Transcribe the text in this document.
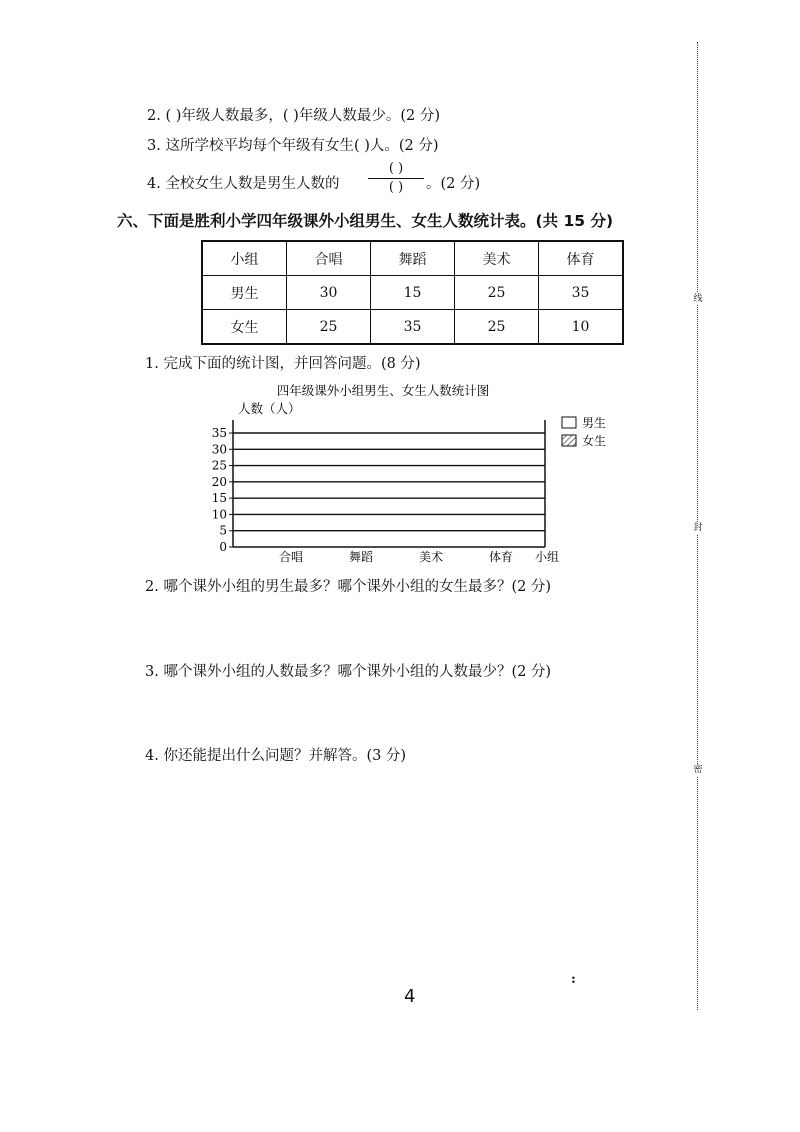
2. ( )年级人数最多，( )年级人数最少。(2 分)
3. 这所学校平均每个年级有女生( )人。(2 分)
4. 全校女生人数是男生人数的
( )
( )	。(2 分)
六、下面是胜利小学四年级课外小组男生、女生人数统计表。(共 15 分)
小组	合唱	舞蹈	美术	体育
男生	30	15	25	35
女生	25	35	25	10
1. 完成下面的统计图，并回答问题。(8 分)
四年级课外小组男生、女生人数统计图
人数（人）
0
5
10
15
20
25
30
35
合唱	舞蹈	美术	体育 小组
男生
女生
2. 哪个课外小组的男生最多？哪个课外小组的女生最多？(2 分)
3. 哪个课外小组的人数最多？哪个课外小组的人数最少？(2 分)
4. 你还能提出什么问题？并解答。(3 分)
4
:
线
封
密
